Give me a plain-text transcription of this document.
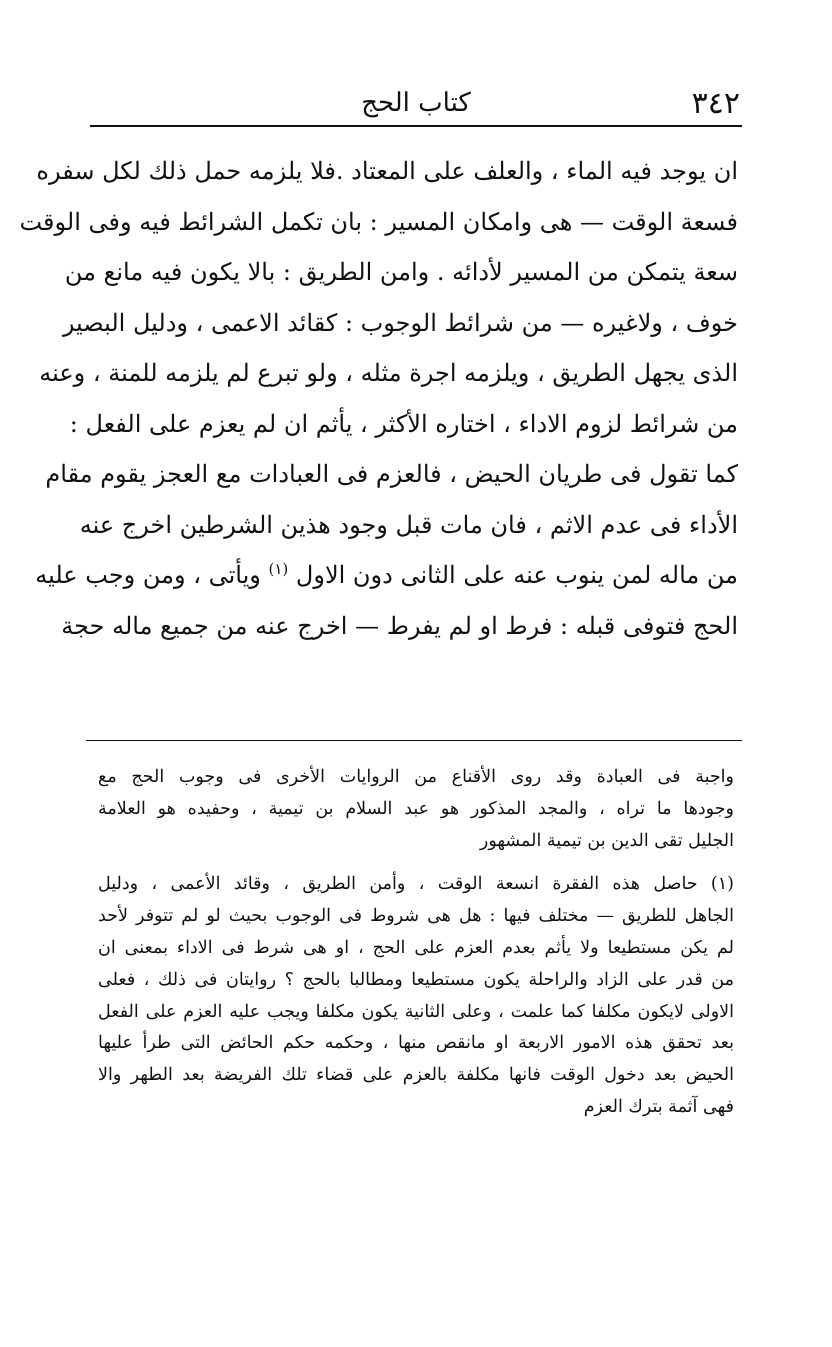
٣٤٢
كتاب الحج
ان يوجد فيه الماء ، والعلف على المعتاد .فلا يلزمه حمل ذلك لكل سفره
فسعة الوقت — هى وامكان المسير : بان تكمل الشرائط فيه وفى الوقت
سعة يتمكن من المسير لأدائه . وامن الطريق : بالا يكون فيه مانع من
خوف ، ولاغيره — من شرائط الوجوب : كقائد الاعمى ، ودليل البصير
الذى يجهل الطريق ، ويلزمه اجرة مثله ، ولو تبرع لم يلزمه للمنة ، وعنه
من شرائط لزوم الاداء ، اختاره الأكثر ، يأثم ان لم يعزم على الفعل :
كما تقول فى طريان الحيض ، فالعزم فى العبادات مع العجز يقوم مقام
الأداء فى عدم الاثم ، فان مات قبل وجود هذين الشرطين اخرج عنه
من ماله لمن ينوب عنه على الثانى دون الاول $^{(١)}$ ويأتى ، ومن وجب عليه
الحج فتوفى قبله : فرط او لم يفرط — اخرج عنه من جميع ماله حجة
واجبة فى العبادة وقد روى الأقناع من الروايات الأخرى فى وجوب الحج مع
وجودها ما تراه ، والمجد المذكور هو عبد السلام بن تيمية ، وحفيده هو العلامة
الجليل تقى الدين بن تيمية المشهور
(١) حاصل هذه الفقرة انسعة الوقت ، وأمن الطريق ، وقائد الأعمى ، ودليل
الجاهل للطريق — مختلف فيها : هل هى شروط فى الوجوب بحيث لو لم تتوفر لأحد
لم يكن مستطيعا ولا يأثم بعدم العزم على الحج ، او هى شرط فى الاداء بمعنى ان
من قدر على الزاد والراحلة يكون مستطيعا ومطالبا بالحج ؟ روايتان فى ذلك ، فعلى
الاولى لايكون مكلفا كما علمت ، وعلى الثانية يكون مكلفا ويجب عليه العزم على الفعل
بعد تحقق هذه الامور الاربعة او مانقص منها ، وحكمه حكم الحائض التى طرأ عليها
الحيض بعد دخول الوقت فانها مكلفة بالعزم على قضاء تلك الفريضة بعد الطهر والا
فهى آثمة بترك العزم
